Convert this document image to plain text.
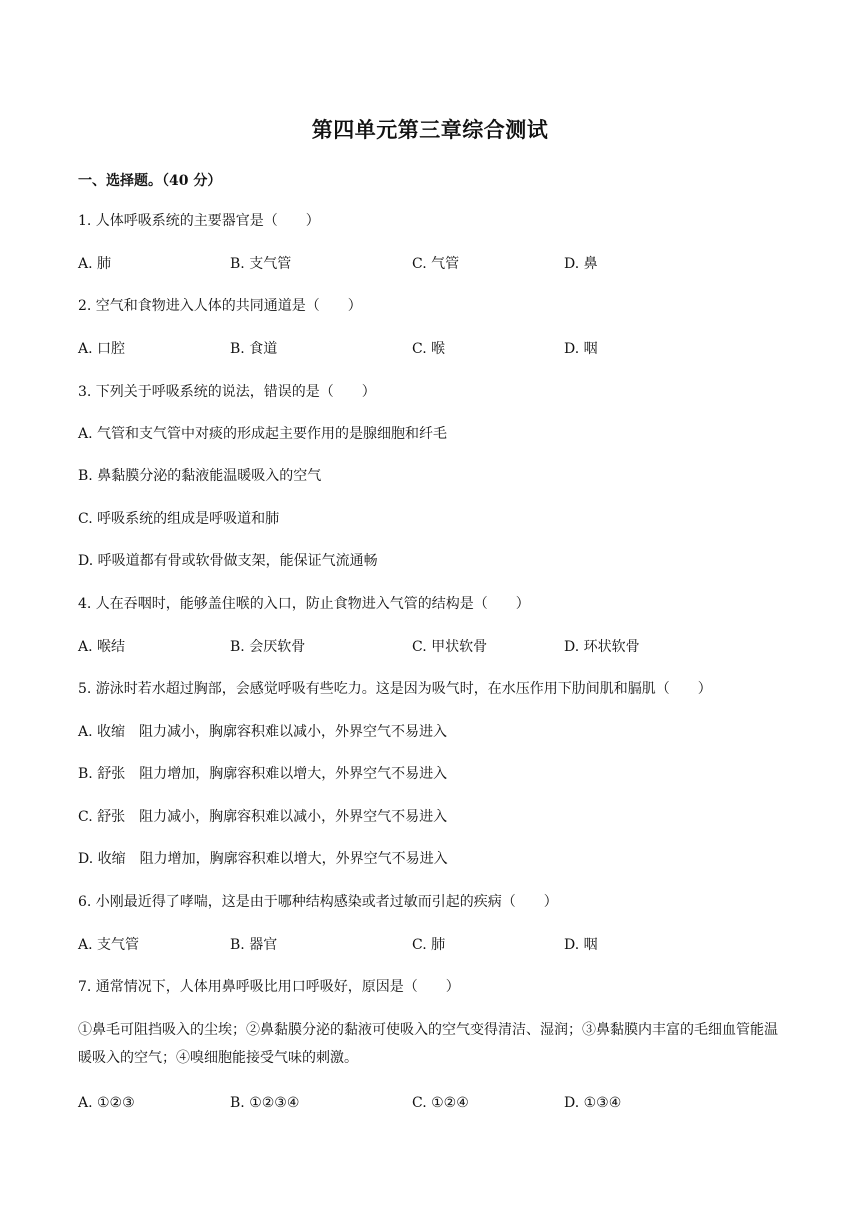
第四单元第三章综合测试
一、选择题。（40 分）
1. 人体呼吸系统的主要器官是（　　）
A. 肺	B. 支气管	C. 气管	D. 鼻
2. 空气和食物进入人体的共同通道是（　　）
A. 口腔	B. 食道	C. 喉	D. 咽
3. 下列关于呼吸系统的说法，错误的是（　　）
A. 气管和支气管中对痰的形成起主要作用的是腺细胞和纤毛
B. 鼻黏膜分泌的黏液能温暖吸入的空气
C. 呼吸系统的组成是呼吸道和肺
D. 呼吸道都有骨或软骨做支架，能保证气流通畅
4. 人在吞咽时，能够盖住喉的入口，防止食物进入气管的结构是（　　）
A. 喉结	B. 会厌软骨	C. 甲状软骨	D. 环状软骨
5. 游泳时若水超过胸部，会感觉呼吸有些吃力。这是因为吸气时，在水压作用下肋间肌和膈肌（　　）
A. 收缩　阻力减小，胸廓容积难以减小，外界空气不易进入
B. 舒张　阻力增加，胸廓容积难以增大，外界空气不易进入
C. 舒张　阻力减小，胸廓容积难以减小，外界空气不易进入
D. 收缩　阻力增加，胸廓容积难以增大，外界空气不易进入
6. 小刚最近得了哮喘，这是由于哪种结构感染或者过敏而引起的疾病（　　）
A. 支气管	B. 器官	C. 肺	D. 咽
7. 通常情况下，人体用鼻呼吸比用口呼吸好，原因是（　　）
①鼻毛可阻挡吸入的尘埃；②鼻黏膜分泌的黏液可使吸入的空气变得清洁、湿润；③鼻黏膜内丰富的毛细血管能温暖吸入的空气；④嗅细胞能接受气味的刺激。
A. ①②③	B. ①②③④	C. ①②④	D. ①③④
